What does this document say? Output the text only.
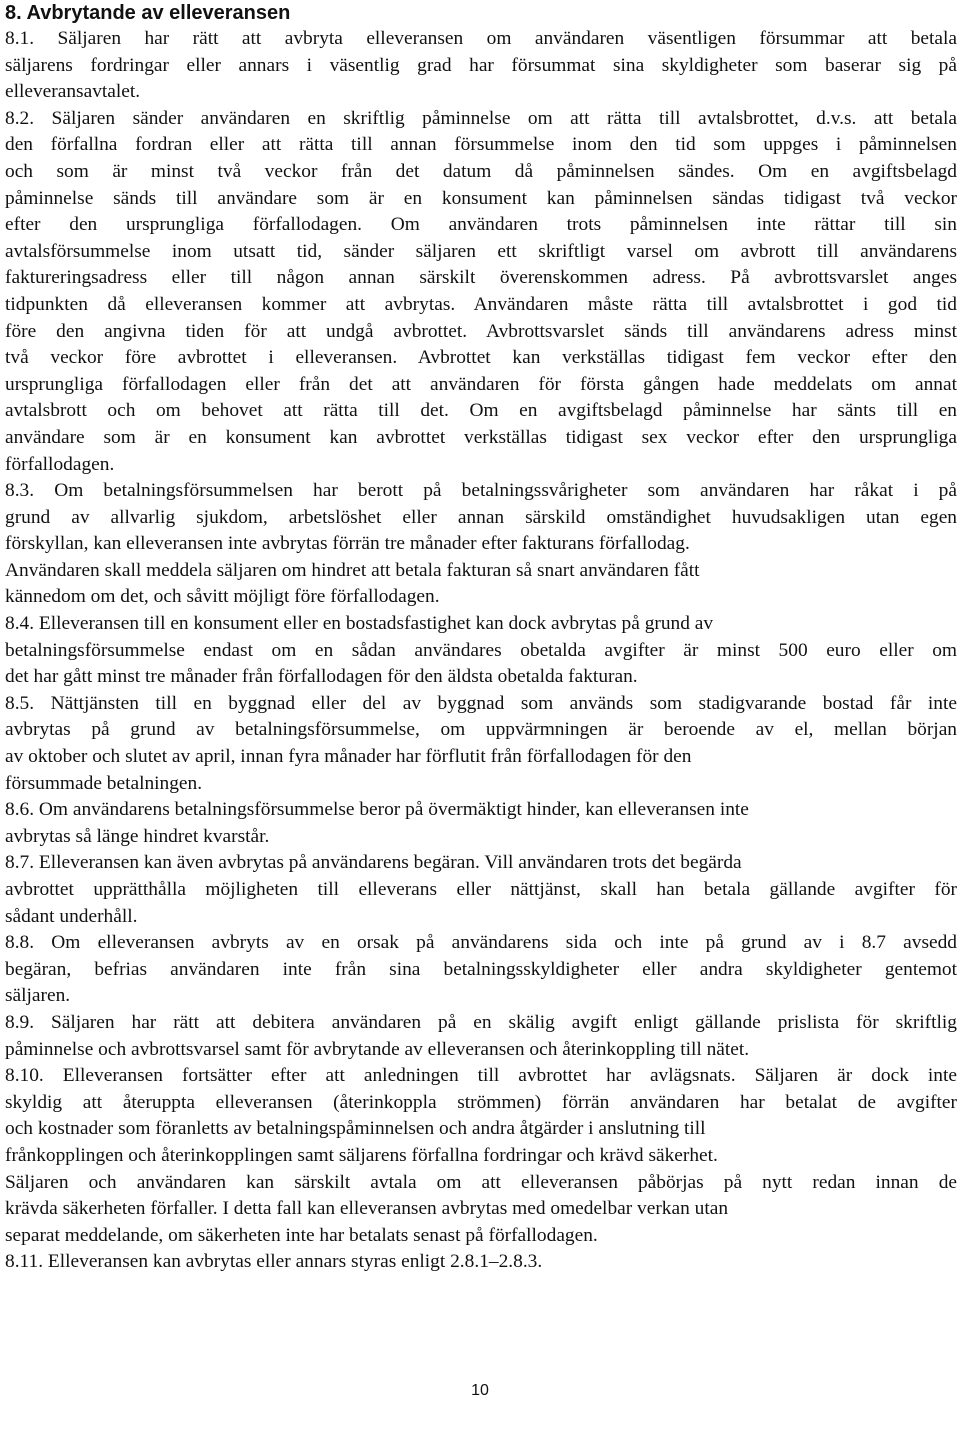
8. Avbrytande av elleveransen
8.1. Säljaren har rätt att avbryta elleveransen om användaren väsentligen försummar att betala
säljarens fordringar eller annars i väsentlig grad har försummat sina skyldigheter som baserar sig på
elleveransavtalet.
8.2. Säljaren sänder användaren en skriftlig påminnelse om att rätta till avtalsbrottet, d.v.s. att betala
den förfallna fordran eller att rätta till annan försummelse inom den tid som uppges i påminnelsen
och som är minst två veckor från det datum då påminnelsen sändes. Om en avgiftsbelagd
påminnelse sänds till användare som är en konsument kan påminnelsen sändas tidigast två veckor
efter den ursprungliga förfallodagen. Om användaren trots påminnelsen inte rättar till sin
avtalsförsummelse inom utsatt tid, sänder säljaren ett skriftligt varsel om avbrott till användarens
faktureringsadress eller till någon annan särskilt överenskommen adress. På avbrottsvarslet anges
tidpunkten då elleveransen kommer att avbrytas. Användaren måste rätta till avtalsbrottet i god tid
före den angivna tiden för att undgå avbrottet. Avbrottsvarslet sänds till användarens adress minst
två veckor före avbrottet i elleveransen. Avbrottet kan verkställas tidigast fem veckor efter den
ursprungliga förfallodagen eller från det att användaren för första gången hade meddelats om annat
avtalsbrott och om behovet att rätta till det. Om en avgiftsbelagd påminnelse har sänts till en
användare som är en konsument kan avbrottet verkställas tidigast sex veckor efter den ursprungliga
förfallodagen.
8.3. Om betalningsförsummelsen har berott på betalningssvårigheter som användaren har råkat i på
grund av allvarlig sjukdom, arbetslöshet eller annan särskild omständighet huvudsakligen utan egen
förskyllan, kan elleveransen inte avbrytas förrän tre månader efter fakturans förfallodag.
Användaren skall meddela säljaren om hindret att betala fakturan så snart användaren fått
kännedom om det, och såvitt möjligt före förfallodagen.
8.4. Elleveransen till en konsument eller en bostadsfastighet kan dock avbrytas på grund av
betalningsförsummelse endast om en sådan användares obetalda avgifter är minst 500 euro eller om
det har gått minst tre månader från förfallodagen för den äldsta obetalda fakturan.
8.5. Nättjänsten till en byggnad eller del av byggnad som används som stadigvarande bostad får inte
avbrytas på grund av betalningsförsummelse, om uppvärmningen är beroende av el, mellan början
av oktober och slutet av april, innan fyra månader har förflutit från förfallodagen för den
försummade betalningen.
8.6. Om användarens betalningsförsummelse beror på övermäktigt hinder, kan elleveransen inte
avbrytas så länge hindret kvarstår.
8.7. Elleveransen kan även avbrytas på användarens begäran. Vill användaren trots det begärda
avbrottet upprätthålla möjligheten till elleverans eller nättjänst, skall han betala gällande avgifter för
sådant underhåll.
8.8. Om elleveransen avbryts av en orsak på användarens sida och inte på grund av i 8.7 avsedd
begäran, befrias användaren inte från sina betalningsskyldigheter eller andra skyldigheter gentemot
säljaren.
8.9. Säljaren har rätt att debitera användaren på en skälig avgift enligt gällande prislista för skriftlig
påminnelse och avbrottsvarsel samt för avbrytande av elleveransen och återinkoppling till nätet.
8.10. Elleveransen fortsätter efter att anledningen till avbrottet har avlägsnats. Säljaren är dock inte
skyldig att återuppta elleveransen (återinkoppla strömmen) förrän användaren har betalat de avgifter
och kostnader som föranletts av betalningspåminnelsen och andra åtgärder i anslutning till
frånkopplingen och återinkopplingen samt säljarens förfallna fordringar och krävd säkerhet.
Säljaren och användaren kan särskilt avtala om att elleveransen påbörjas på nytt redan innan de
krävda säkerheten förfaller. I detta fall kan elleveransen avbrytas med omedelbar verkan utan
separat meddelande, om säkerheten inte har betalats senast på förfallodagen.
8.11. Elleveransen kan avbrytas eller annars styras enligt 2.8.1–2.8.3.
10
